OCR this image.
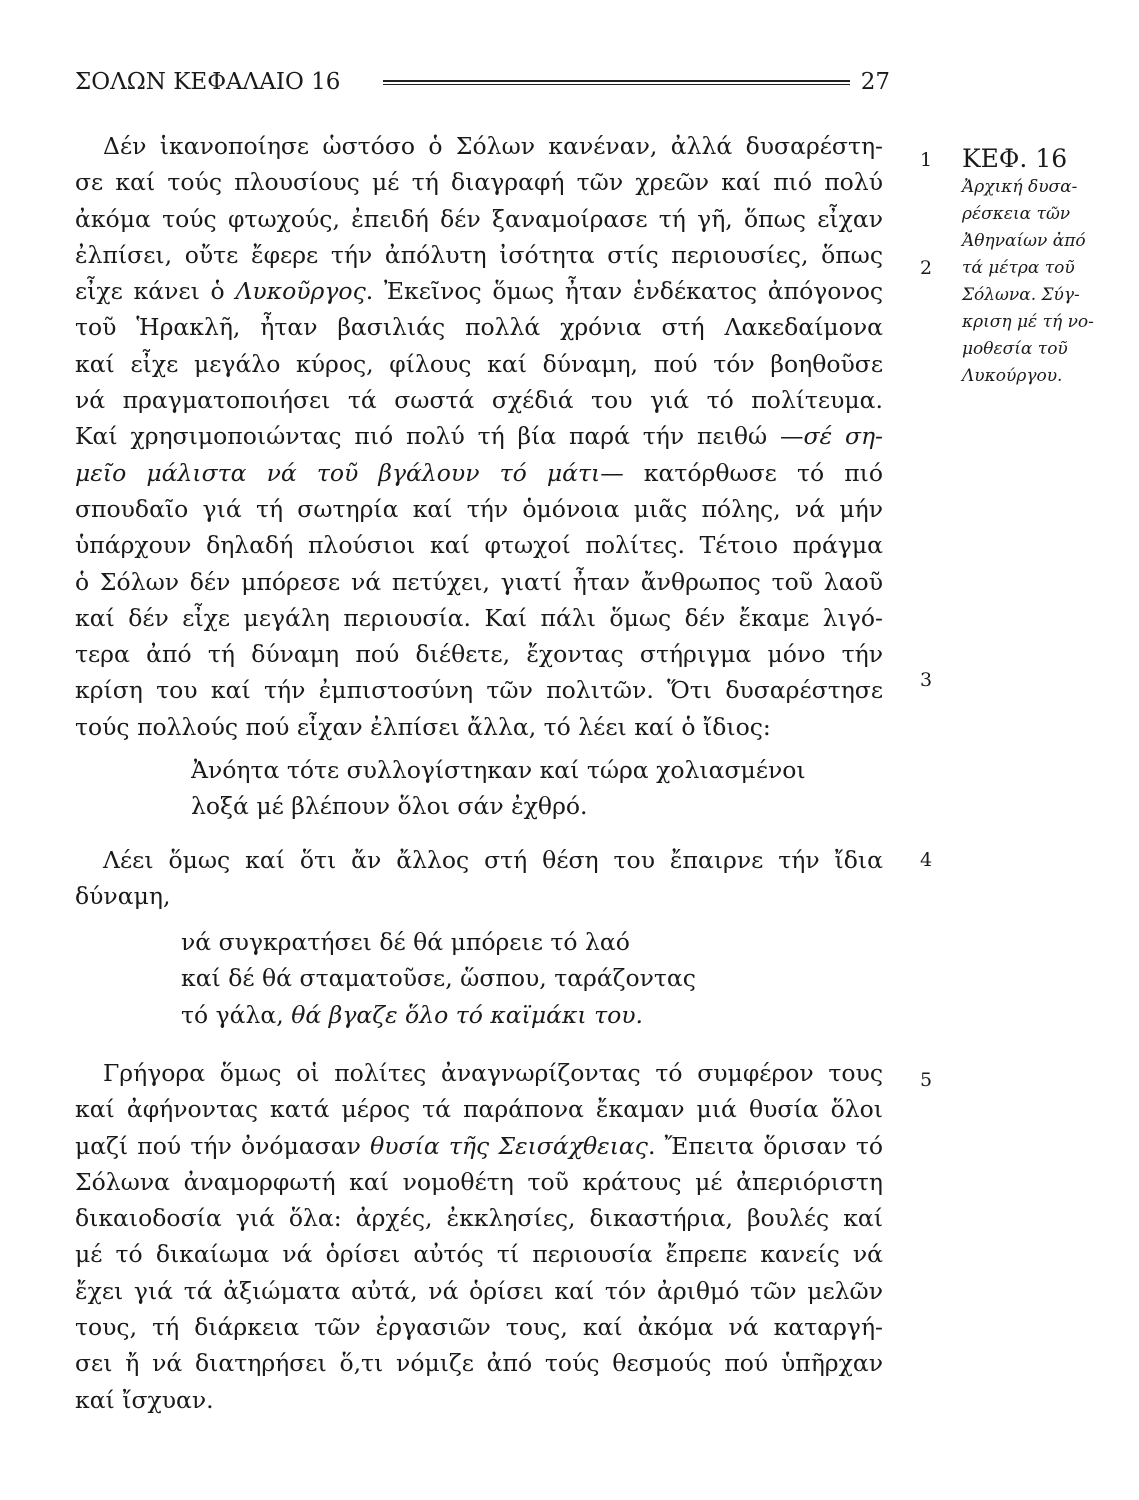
ΣΟΛΩΝ ΚΕΦΑΛΑΙΟ 16	27
Δέν ἱκανοποίησε ὡστόσο ὁ Σόλων κανέναν, ἀλλά δυσαρέστη-
σε καί τούς πλουσίους μέ τή διαγραφή τῶν χρεῶν καί πιό πολύ
ἀκόμα τούς φτωχούς, ἐπειδή δέν ξαναμοίρασε τή γῆ, ὅπως εἶχαν
ἐλπίσει, οὔτε ἔφερε τήν ἀπόλυτη ἰσότητα στίς περιουσίες, ὅπως
εἶχε κάνει ὁ Λυκοῦργος. Ἐκεῖνος ὅμως ἦταν ἑνδέκατος ἀπόγονος
τοῦ Ἡρακλῆ, ἦταν βασιλιάς πολλά χρόνια στή Λακεδαίμονα
καί εἶχε μεγάλο κύρος, φίλους καί δύναμη, πού τόν βοηθοῦσε
νά πραγματοποιήσει τά σωστά σχέδιά του γιά τό πολίτευμα.
Καί χρησιμοποιώντας πιό πολύ τή βία παρά τήν πειθώ —σέ ση-
μεῖο μάλιστα νά τοῦ βγάλουν τό μάτι— κατόρθωσε τό πιό
σπουδαῖο γιά τή σωτηρία καί τήν ὁμόνοια μιᾶς πόλης, νά μήν
ὑπάρχουν δηλαδή πλούσιοι καί φτωχοί πολίτες. Τέτοιο πράγμα
ὁ Σόλων δέν μπόρεσε νά πετύχει, γιατί ἦταν ἄνθρωπος τοῦ λαοῦ
καί δέν εἶχε μεγάλη περιουσία. Καί πάλι ὅμως δέν ἔκαμε λιγό-
τερα ἀπό τή δύναμη πού διέθετε, ἔχοντας στήριγμα μόνο τήν
κρίση του καί τήν ἐμπιστοσύνη τῶν πολιτῶν. Ὅτι δυσαρέστησε
τούς πολλούς πού εἶχαν ἐλπίσει ἄλλα, τό λέει καί ὁ ἴδιος:
Ἀνόητα τότε συλλογίστηκαν καί τώρα χολιασμένοι
λοξά μέ βλέπουν ὅλοι σάν ἐχθρό.
Λέει ὅμως καί ὅτι ἄν ἄλλος στή θέση του ἔπαιρνε τήν ἴδια
δύναμη,
νά συγκρατήσει δέ θά μπόρειε τό λαό
καί δέ θά σταματοῦσε, ὥσπου, ταράζοντας
τό γάλα, θά βγαζε ὅλο τό καϊμάκι του.
Γρήγορα ὅμως οἱ πολίτες ἀναγνωρίζοντας τό συμφέρον τους
καί ἀφήνοντας κατά μέρος τά παράπονα ἔκαμαν μιά θυσία ὅλοι
μαζί πού τήν ὀνόμασαν θυσία τῆς Σεισάχθειας. Ἔπειτα ὅρισαν τό
Σόλωνα ἀναμορφωτή καί νομοθέτη τοῦ κράτους μέ ἀπεριόριστη
δικαιοδοσία γιά ὅλα: ἀρχές, ἐκκλησίες, δικαστήρια, βουλές καί
μέ τό δικαίωμα νά ὁρίσει αὐτός τί περιουσία ἔπρεπε κανείς νά
ἔχει γιά τά ἀξιώματα αὐτά, νά ὁρίσει καί τόν ἀριθμό τῶν μελῶν
τους, τή διάρκεια τῶν ἐργασιῶν τους, καί ἀκόμα νά καταργή-
σει ἤ νά διατηρήσει ὅ,τι νόμιζε ἀπό τούς θεσμούς πού ὑπῆρχαν
καί ἴσχυαν.
1
2
3
4
5
ΚΕΦ. 16
Ἀρχική δυσα-
ρέσκεια τῶν
Ἀθηναίων ἀπό
τά μέτρα τοῦ
Σόλωνα. Σύγ-
κριση μέ τή νο-
μοθεσία τοῦ
Λυκούργου.
